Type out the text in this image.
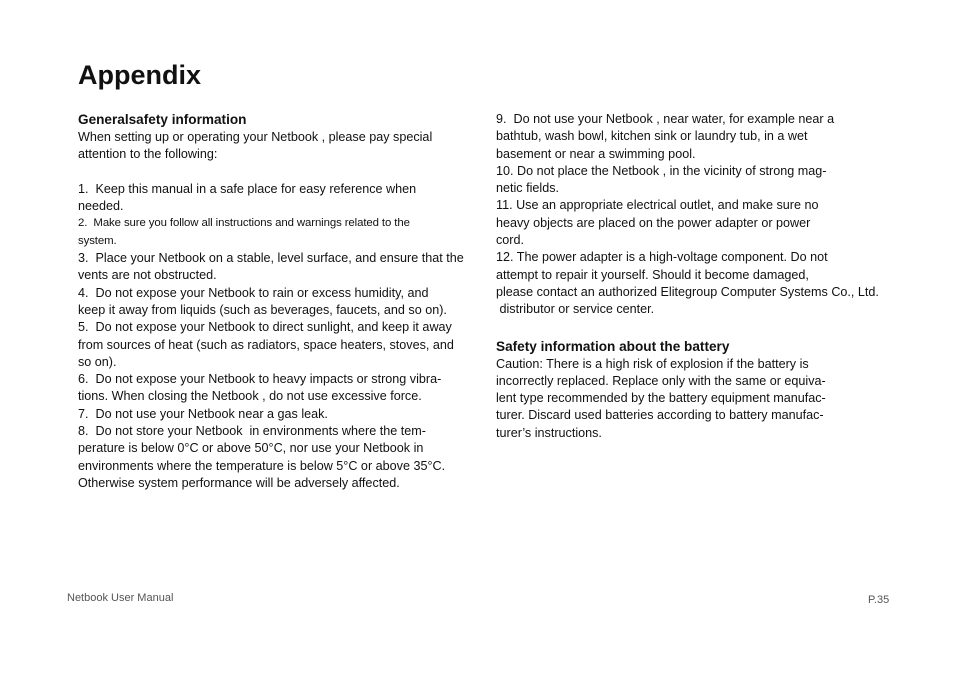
Appendix

Generalsafety information

When setting up or operating your Netbook , please pay special
attention to the following:
1.  Keep this manual in a safe place for easy reference when
needed.
2.  Make sure you follow all instructions and warnings related to the
system.
3.  Place your Netbook on a stable, level surface, and ensure that the
vents are not obstructed.
4.  Do not expose your Netbook to rain or excess humidity, and
keep it away from liquids (such as beverages, faucets, and so on).
5.  Do not expose your Netbook to direct sunlight, and keep it away
from sources of heat (such as radiators, space heaters, stoves, and
so on).
6.  Do not expose your Netbook to heavy impacts or strong vibra-
tions. When closing the Netbook , do not use excessive force.
7.  Do not use your Netbook near a gas leak.
8.  Do not store your Netbook  in environments where the tem-
perature is below 0°C or above 50°C, nor use your Netbook in
environments where the temperature is below 5°C or above 35°C.
Otherwise system performance will be adversely affected.
9.  Do not use your Netbook , near water, for example near a
bathtub, wash bowl, kitchen sink or laundry tub, in a wet
basement or near a swimming pool.
10. Do not place the Netbook , in the vicinity of strong mag-
netic fields.
11. Use an appropriate electrical outlet, and make sure no
heavy objects are placed on the power adapter or power
cord.
12. The power adapter is a high-voltage component. Do not
attempt to repair it yourself. Should it become damaged,
please contact an authorized Elitegroup Computer Systems Co., Ltd.
distributor or service center.

Safety information about the battery

Caution: There is a high risk of explosion if the battery is
incorrectly replaced. Replace only with the same or equiva-
lent type recommended by the battery equipment manufac-
turer. Discard used batteries according to battery manufac-
turer’s instructions.
Netbook User Manual	P.35
